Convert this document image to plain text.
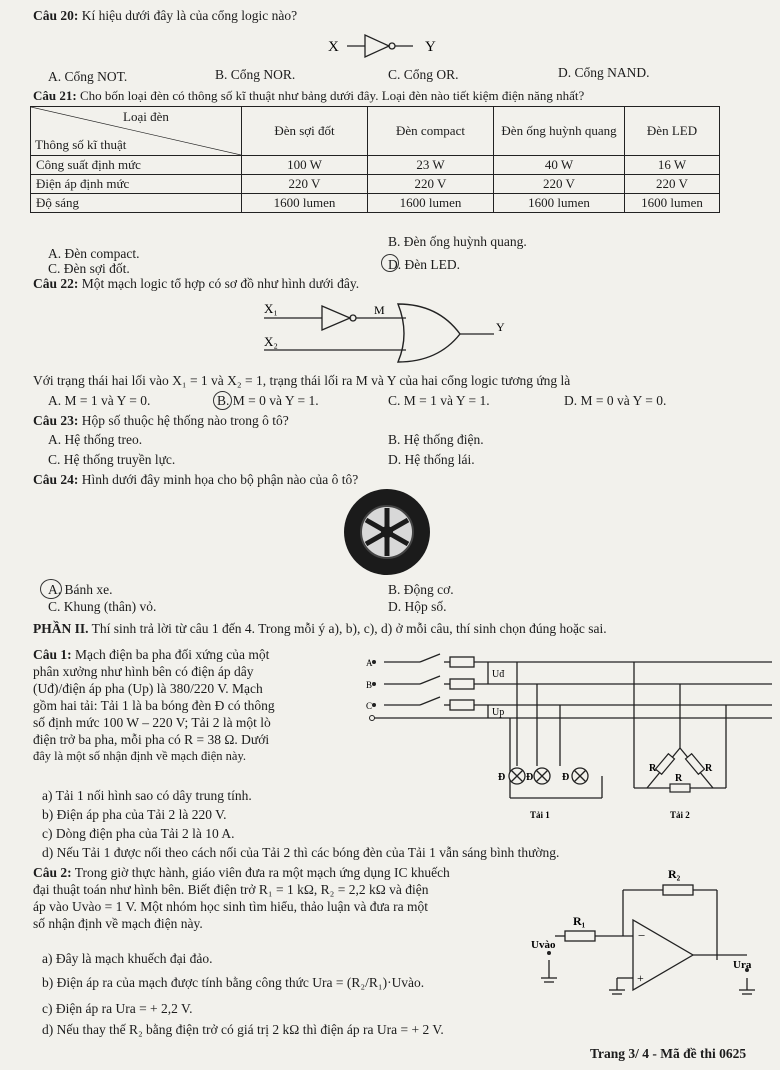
Câu 20: Kí hiệu dưới đây là của cổng logic nào?
X	Y
A. Cổng NOT.	B. Cổng NOR.	C. Cổng OR.	D. Cổng NAND.
Câu 21: Cho bốn loại đèn có thông số kĩ thuật như bảng dưới đây. Loại đèn nào tiết kiệm điện năng nhất?
Loại đèn
Thông số kĩ thuật	Đèn sợi đốt	Đèn compact	Đèn ống huỳnh quang	Đèn LED
Công suất định mức	100 W	23 W	40 W	16 W
Điện áp định mức	220 V	220 V	220 V	220 V
Độ sáng	1600 lumen	1600 lumen	1600 lumen	1600 lumen
A. Đèn compact.
B. Đèn ống huỳnh quang.
C. Đèn sợi đốt.	D. Đèn LED.
Câu 22: Một mạch logic tổ hợp có sơ đồ như hình dưới đây.
X₁
X₂
M
Y
Với trạng thái hai lối vào X₁ = 1 và X₂ = 1, trạng thái lối ra M và Y của hai cổng logic tương ứng là
A. M = 1 và Y = 0.	B. M = 0 và Y = 1.	C. M = 1 và Y = 1.	D. M = 0 và Y = 0.
Câu 23: Hộp số thuộc hệ thống nào trong ô tô?
A. Hệ thống treo.	B. Hệ thống điện.
C. Hệ thống truyền lực.	D. Hệ thống lái.
Câu 24: Hình dưới đây minh họa cho bộ phận nào của ô tô?
A. Bánh xe.	B. Động cơ.
C. Khung (thân) vỏ.	D. Hộp số.
PHẦN II. Thí sinh trả lời từ câu 1 đến 4. Trong mỗi ý a), b), c), d) ở mỗi câu, thí sinh chọn đúng hoặc sai.
Câu 1: Mạch điện ba pha đối xứng của một
phân xưởng như hình bên có điện áp dây
(Uđ)/điện áp pha (Up) là 380/220 V. Mạch
gồm hai tải: Tải 1 là ba bóng đèn Đ có thông
số định mức 100 W – 220 V; Tải 2 là một lò
điện trở ba pha, mỗi pha có R = 38 Ω. Dưới
đây là một số nhận định về mạch điện này.
a) Tải 1 nối hình sao có dây trung tính.
b) Điện áp pha của Tải 2 là 220 V.
c) Dòng điện pha của Tải 2 là 10 A.
d) Nếu Tải 1 được nối theo cách nối của Tải 2 thì các bóng đèn của Tải 1 vẫn sáng bình thường.
A
B
C
Uđ
Up
Đ Đ	Đ
R	R
R
Tải 1	Tải 2
Câu 2: Trong giờ thực hành, giáo viên đưa ra một mạch ứng dụng IC khuếch
đại thuật toán như hình bên. Biết điện trở R₁ = 1 kΩ, R₂ = 2,2 kΩ và điện
áp vào Uvào = 1 V. Một nhóm học sinh tìm hiểu, thảo luận và đưa ra một
số nhận định về mạch điện này.
a) Đây là mạch khuếch đại đảo.
b) Điện áp ra của mạch được tính bằng công thức Ura = (R₂/R₁)·Uvào.
c) Điện áp ra Ura = + 2,2 V.
d) Nếu thay thế R₂ bằng điện trở có giá trị 2 kΩ thì điện áp ra Ura = + 2 V.
R₁
R₂
Uvào
Ura
−
+
Trang 3/ 4 - Mã đề thi 0625
